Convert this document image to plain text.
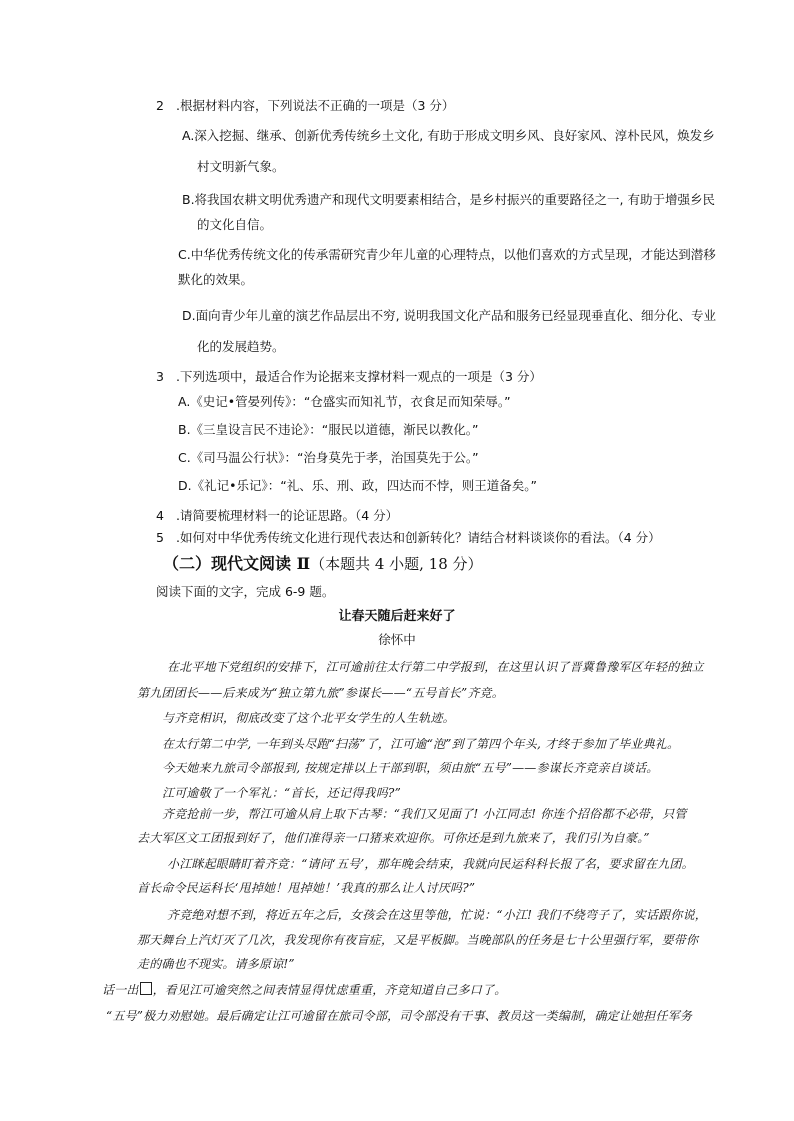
2 .根据材料内容，下列说法不正确的一项是（3 分）
A.深入挖掘、继承、创新优秀传统乡土文化, 有助于形成文明乡风、良好家风、淳朴民风，焕发乡
村文明新气象。
B.将我国农耕文明优秀遗产和现代文明要素相结合，是乡村振兴的重要路径之一, 有助于增强乡民
的文化自信。
C.中华优秀传统文化的传承需研究青少年儿童的心理特点，以他们喜欢的方式呈现，才能达到潜移
默化的效果。
D.面向青少年儿童的演艺作品层出不穷, 说明我国文化产品和服务已经显现垂直化、细分化、专业
化的发展趋势。
3 .下列选项中，最适合作为论据来支撑材料一观点的一项是（3 分）
A.《史记•管晏列传》：“仓盛实而知礼节，衣食足而知荣辱。”
B.《三皇设言民不违论》：“服民以道德，渐民以教化。”
C.《司马温公行状》：“治身莫先于孝，治国莫先于公。”
D.《礼记•乐记》：“礼、乐、刑、政，四达而不悖，则王道备矣。”
4 .请简要梳理材料一的论证思路。（4 分）
5 .如何对中华优秀传统文化进行现代表达和创新转化？请结合材料谈谈你的看法。（4 分）
（二）现代文阅读 Ⅱ（本题共 4 小题, 18 分）
阅读下面的文字，完成 6-9 题。
让春天随后赶来好了
徐怀中
在北平地下党组织的安排下，江可逾前往太行第二中学报到，在这里认识了晋冀鲁豫军区年轻的独立
第九团团长——后来成为“独立第九旅”参谋长——“五号首长”齐竞。
与齐竞相识，彻底改变了这个北平女学生的人生轨迹。
在太行第二中学, 一年到头尽跑“扫荡”了，江可逾“泡”到了第四个年头, 才终于参加了毕业典礼。
今天她来九旅司令部报到, 按规定排以上干部到职，须由旅“五号”——参谋长齐竞亲自谈话。
江可逾敬了一个军礼：“首长，还记得我吗?”
齐竞抢前一步，帮江可逾从肩上取下古琴：“我们又见面了! 小江同志! 你连个招俗都不必带，只管
去大军区文工团报到好了，他们准得亲一口猪来欢迎你。可你还是到九旅来了，我们引为自豪。”
小江眯起眼睛盯着齐竞：“请问‘五号’，那年晚会结束，我就向民运科科长报了名，要求留在九团。
首长命令民运科长‘甩掉她！甩掉她！’我真的那么让人讨厌吗?”
齐竞绝对想不到，将近五年之后，女孩会在这里等他，忙说：“小江! 我们不绕弯子了，实话跟你说，
那天舞台上汽灯灭了几次，我发现你有夜盲症，又是平板脚。当晚部队的任务是七十公里强行军，要带你
走的确也不现实。请多原谅!”
话一出 ，看见江可逾突然之间表情显得忧虑重重，齐竞知道自己多口了。
“五号”极力劝慰她。最后确定让江可逾留在旅司令部，司令部没有干事、教员这一类编制，确定让她担任军务
